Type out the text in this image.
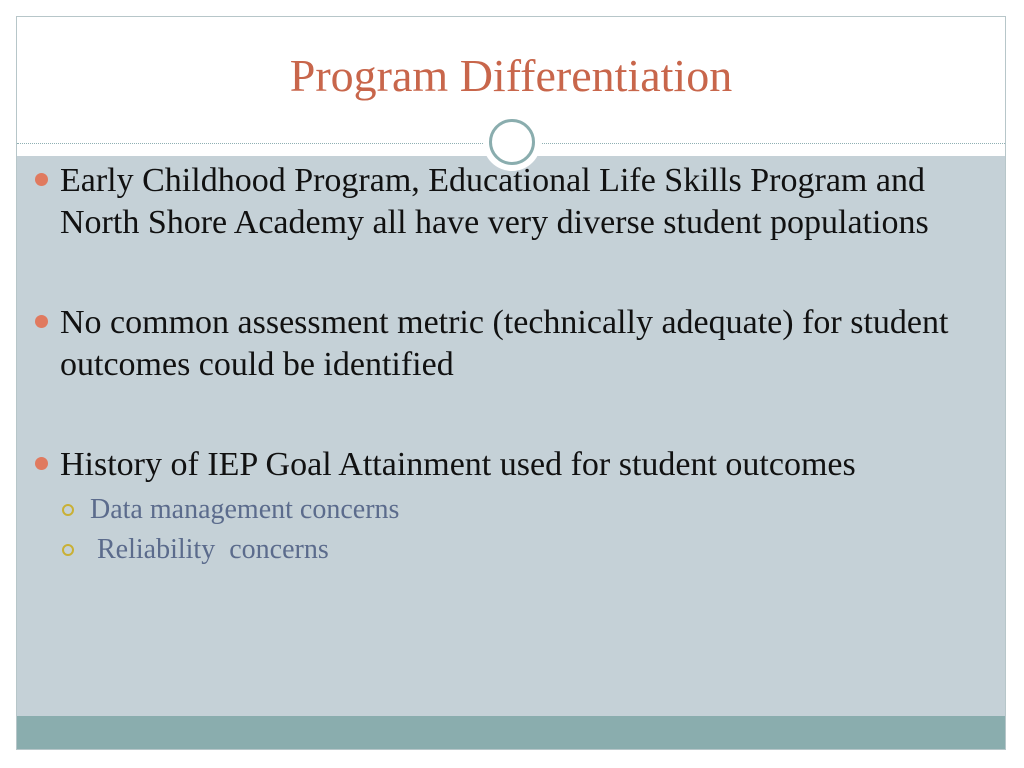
Program Differentiation
Early Childhood Program, Educational Life Skills Program and North Shore Academy all have very diverse student populations
No common assessment metric (technically adequate) for student outcomes could be identified
History of IEP Goal Attainment used for student outcomes
Data management concerns
Reliability  concerns
